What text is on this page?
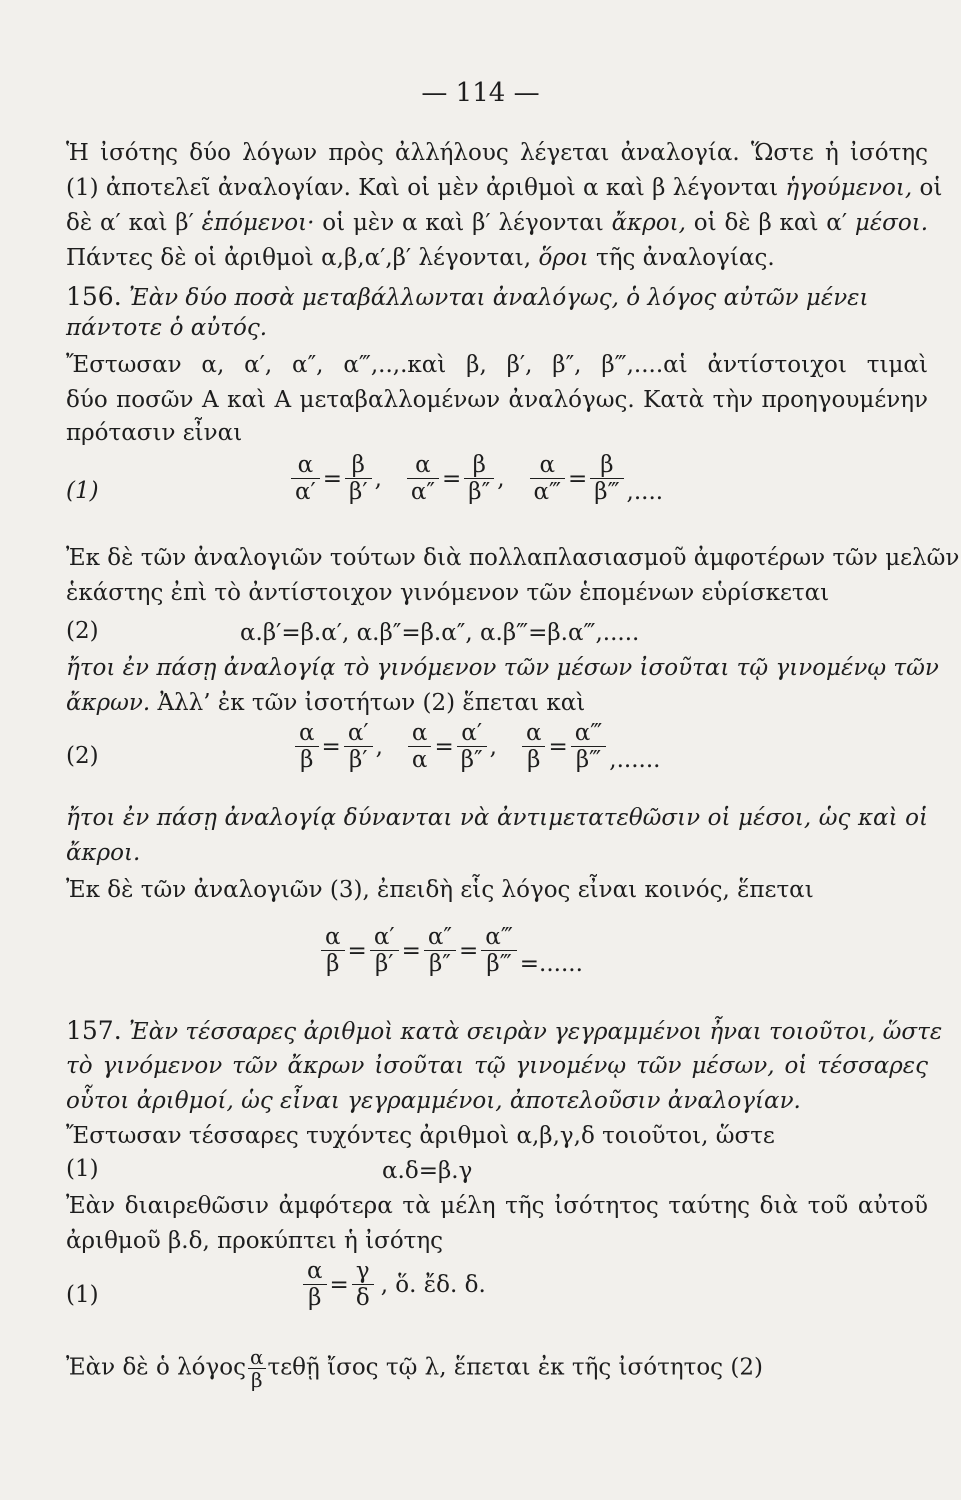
— 114 —
Ἡ ἰσότης δύο λόγων πρὸς ἀλλήλους λέγεται ἀναλογία. Ὥστε ἡ ἰσότης
(1) ἀποτελεῖ ἀναλογίαν. Καὶ οἱ μὲν ἀριθμοὶ α καὶ β λέγονται ἡγούμενοι, οἱ
δὲ α′ καὶ β′ ἑπόμενοι· οἱ μὲν α καὶ β′ λέγονται ἄκροι, οἱ δὲ β καὶ α′ μέσοι.
Πάντες δὲ οἱ ἀριθμοὶ α,β,α′,β′ λέγονται, ὅροι τῆς ἀναλογίας.
156. Ἐὰν δύο ποσὰ μεταβάλλωνται ἀναλόγως, ὁ λόγος αὐτῶν μένει
πάντοτε ὁ αὐτός.
Ἔστωσαν α, α′, α″, α‴,..,.καὶ β, β′, β″, β‴,....αἱ ἀντίστοιχοι τιμαὶ
δύο ποσῶν Α καὶ Α μεταβαλλομένων ἀναλόγως. Κατὰ τὴν προηγουμένην
πρότασιν εἶναι
(1)	$\frac{\alpha}{\alpha'} = \frac{\beta}{\beta'}$ , $\frac{\alpha}{\alpha''} = \frac{\beta}{\beta''}$ , $\frac{\alpha}{\alpha‴} = \frac{\beta}{\beta‴}$ ,....
Ἐκ δὲ τῶν ἀναλογιῶν τούτων διὰ πολλαπλασιασμοῦ ἀμφοτέρων τῶν μελῶν
ἑκάστης ἐπὶ τὸ ἀντίστοιχον γινόμενον τῶν ἑπομένων εὑρίσκεται
(2)	α.β′=β.α′, α.β″=β.α″, α.β‴=β.α‴,.....
ἤτοι ἐν πάσῃ ἀναλογίᾳ τὸ γινόμενον τῶν μέσων ἰσοῦται τῷ γινομένῳ τῶν
ἄκρων. Ἀλλ’ ἐκ τῶν ἰσοτήτων (2) ἕπεται καὶ
(2)	$\frac{\alpha}{\beta} = \frac{\alpha'}{\beta'}$ , $\frac{\alpha}{\alpha} = \frac{\alpha'}{\beta''}$ , $\frac{\alpha}{\beta} = \frac{\alpha‴}{\beta‴}$ ,......
ἤτοι ἐν πάσῃ ἀναλογίᾳ δύνανται νὰ ἀντιμετατεθῶσιν οἱ μέσοι, ὡς καὶ οἱ
ἄκροι.
Ἐκ δὲ τῶν ἀναλογιῶν (3), ἐπειδὴ εἷς λόγος εἶναι κοινός, ἕπεται
$\frac{\alpha}{\beta} = \frac{\alpha'}{\beta'} = \frac{\alpha''}{\beta''} = \frac{\alpha‴}{\beta‴}$ =......
157. Ἐὰν τέσσαρες ἀριθμοὶ κατὰ σειρὰν γεγραμμένοι ἦναι τοιοῦτοι, ὥστε
τὸ γινόμενον τῶν ἄκρων ἰσοῦται τῷ γινομένῳ τῶν μέσων, οἱ τέσσαρες
οὗτοι ἀριθμοί, ὡς εἶναι γεγραμμένοι, ἀποτελοῦσιν ἀναλογίαν.
Ἔστωσαν τέσσαρες τυχόντες ἀριθμοὶ α,β,γ,δ τοιοῦτοι, ὥστε
(1)	α.δ=β.γ
Ἐὰν διαιρεθῶσιν ἀμφότερα τὰ μέλη τῆς ἰσότητος ταύτης διὰ τοῦ αὐτοῦ
ἀριθμοῦ β.δ, προκύπτει ἡ ἰσότης
(1)	$\frac{\alpha}{\beta} = \frac{\gamma}{\delta}$ , ὅ. ἔδ. δ.
Ἐὰν δὲ ὁ λόγος $\frac{\alpha}{\beta}$ τεθῇ ἴσος τῷ λ, ἕπεται ἐκ τῆς ἰσότητος (2)
